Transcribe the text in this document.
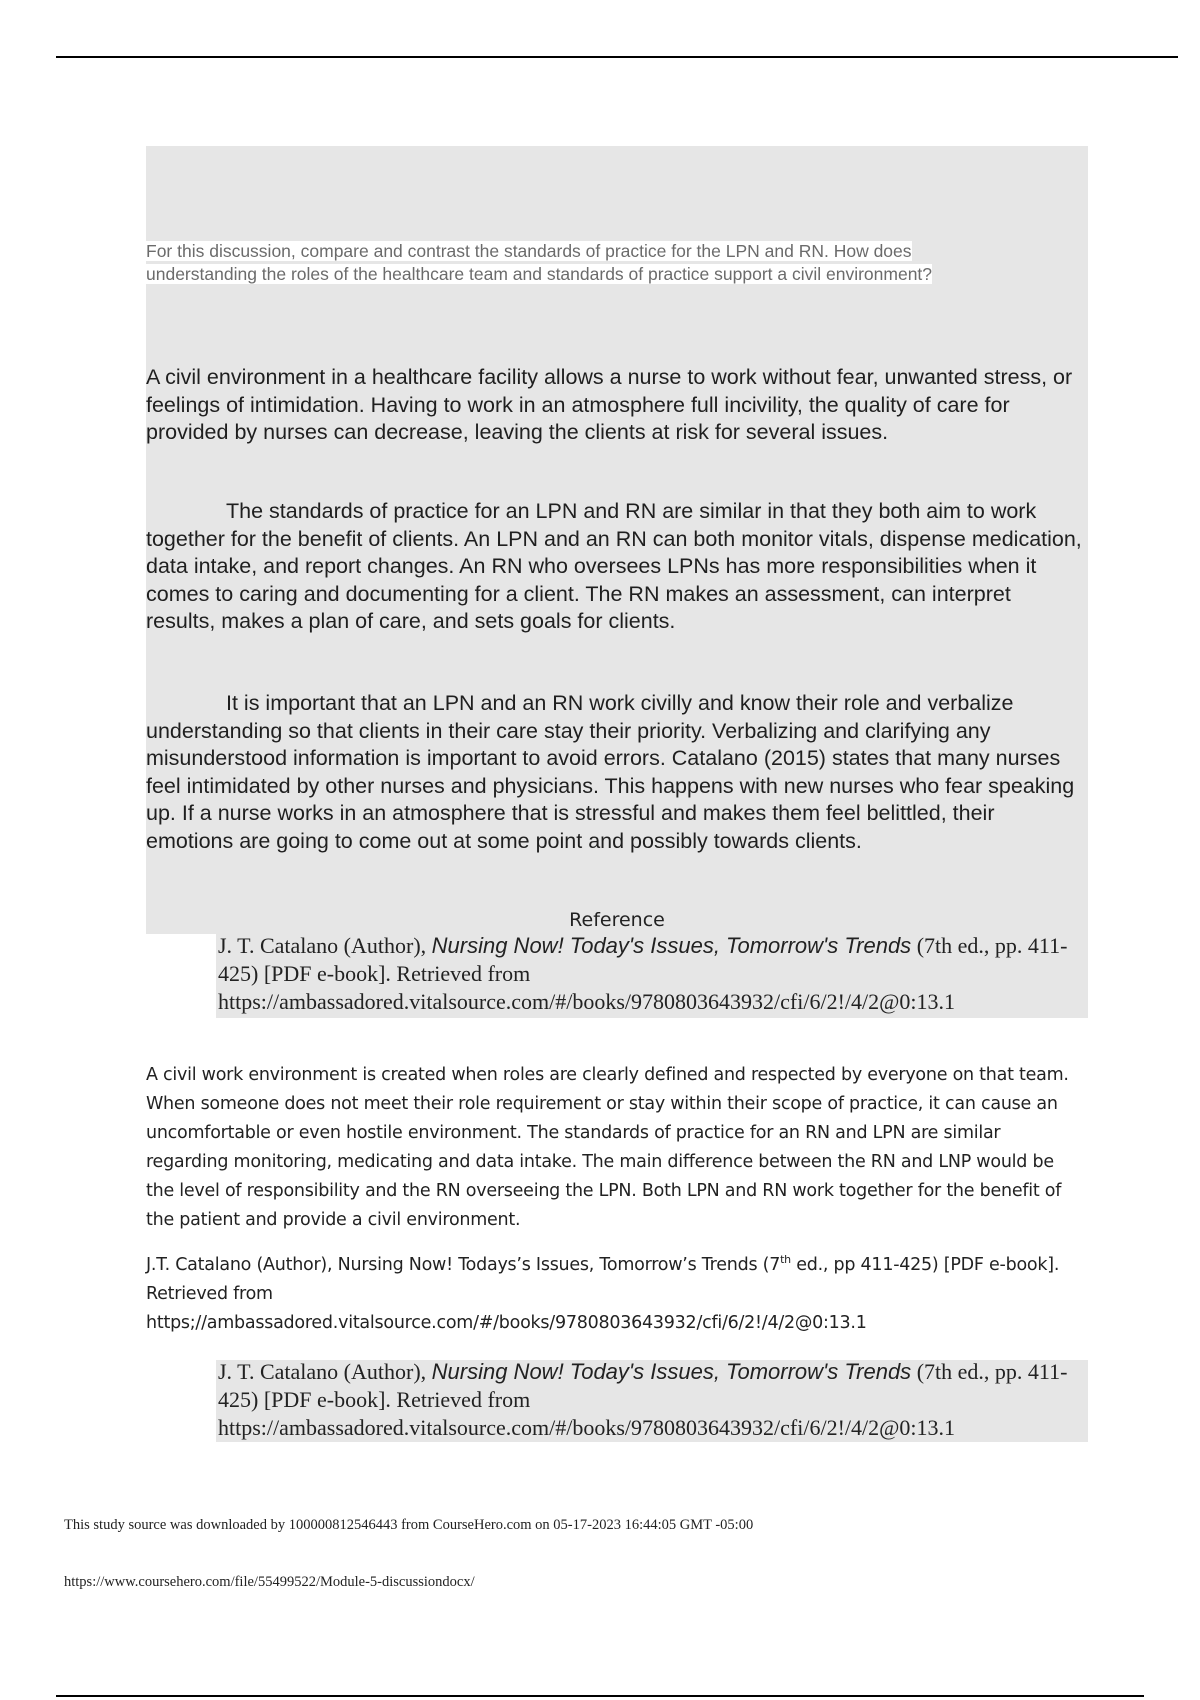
For this discussion, compare and contrast the standards of practice for the LPN and RN. How does
understanding the roles of the healthcare team and standards of practice support a civil environment?

A civil environment in a healthcare facility allows a nurse to work without fear, unwanted stress, or feelings of intimidation. Having to work in an atmosphere full incivility, the quality of care for provided by nurses can decrease, leaving the clients at risk for several issues.

The standards of practice for an LPN and RN are similar in that they both aim to work together for the benefit of clients. An LPN and an RN can both monitor vitals, dispense medication, data intake, and report changes. An RN who oversees LPNs has more responsibilities when it comes to caring and documenting for a client. The RN makes an assessment, can interpret results, makes a plan of care, and sets goals for clients.

It is important that an LPN and an RN work civilly and know their role and verbalize understanding so that clients in their care stay their priority. Verbalizing and clarifying any misunderstood information is important to avoid errors. Catalano (2015) states that many nurses feel intimidated by other nurses and physicians. This happens with new nurses who fear speaking up. If a nurse works in an atmosphere that is stressful and makes them feel belittled, their emotions are going to come out at some point and possibly towards clients.

Reference
J. T. Catalano (Author), Nursing Now! Today's Issues, Tomorrow's Trends (7th ed., pp. 411-425) [PDF e-book]. Retrieved from
https://ambassadored.vitalsource.com/#/books/9780803643932/cfi/6/2!/4/2@0:13.1
A civil work environment is created when roles are clearly defined and respected by everyone on that team. When someone does not meet their role requirement or stay within their scope of practice, it can cause an uncomfortable or even hostile environment. The standards of practice for an RN and LPN are similar regarding monitoring, medicating and data intake. The main difference between the RN and LNP would be the level of responsibility and the RN overseeing the LPN. Both LPN and RN work together for the benefit of the patient and provide a civil environment.
J.T. Catalano (Author), Nursing Now! Todays’s Issues, Tomorrow’s Trends (7th ed., pp 411-425) [PDF e-book]. Retrieved from
https;//ambassadored.vitalsource.com/#/books/9780803643932/cfi/6/2!/4/2@0:13.1
J. T. Catalano (Author), Nursing Now! Today's Issues, Tomorrow's Trends (7th ed., pp. 411-425) [PDF e-book]. Retrieved from
https://ambassadored.vitalsource.com/#/books/9780803643932/cfi/6/2!/4/2@0:13.1
This study source was downloaded by 100000812546443 from CourseHero.com on 05-17-2023 16:44:05 GMT -05:00
https://www.coursehero.com/file/55499522/Module-5-discussiondocx/
